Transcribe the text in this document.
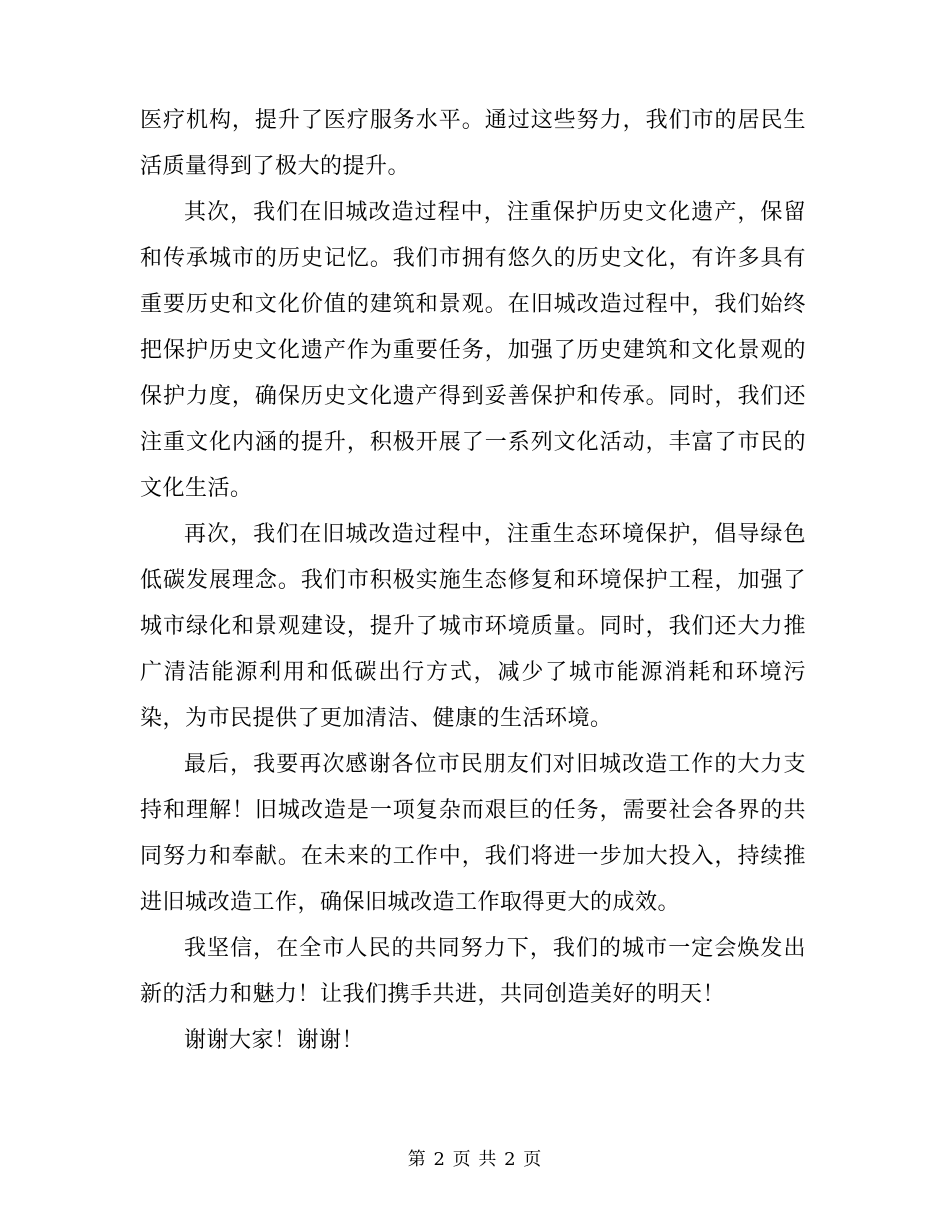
医疗机构，提升了医疗服务水平。通过这些努力，我们市的居民生活质量得到了极大的提升。

其次，我们在旧城改造过程中，注重保护历史文化遗产，保留和传承城市的历史记忆。我们市拥有悠久的历史文化，有许多具有重要历史和文化价值的建筑和景观。在旧城改造过程中，我们始终把保护历史文化遗产作为重要任务，加强了历史建筑和文化景观的保护力度，确保历史文化遗产得到妥善保护和传承。同时，我们还注重文化内涵的提升，积极开展了一系列文化活动，丰富了市民的文化生活。

再次，我们在旧城改造过程中，注重生态环境保护，倡导绿色低碳发展理念。我们市积极实施生态修复和环境保护工程，加强了城市绿化和景观建设，提升了城市环境质量。同时，我们还大力推广清洁能源利用和低碳出行方式，减少了城市能源消耗和环境污染，为市民提供了更加清洁、健康的生活环境。

最后，我要再次感谢各位市民朋友们对旧城改造工作的大力支持和理解！旧城改造是一项复杂而艰巨的任务，需要社会各界的共同努力和奉献。在未来的工作中，我们将进一步加大投入，持续推进旧城改造工作，确保旧城改造工作取得更大的成效。

我坚信，在全市人民的共同努力下，我们的城市一定会焕发出新的活力和魅力！让我们携手共进，共同创造美好的明天！

谢谢大家！谢谢！

第 2 页 共 2 页
